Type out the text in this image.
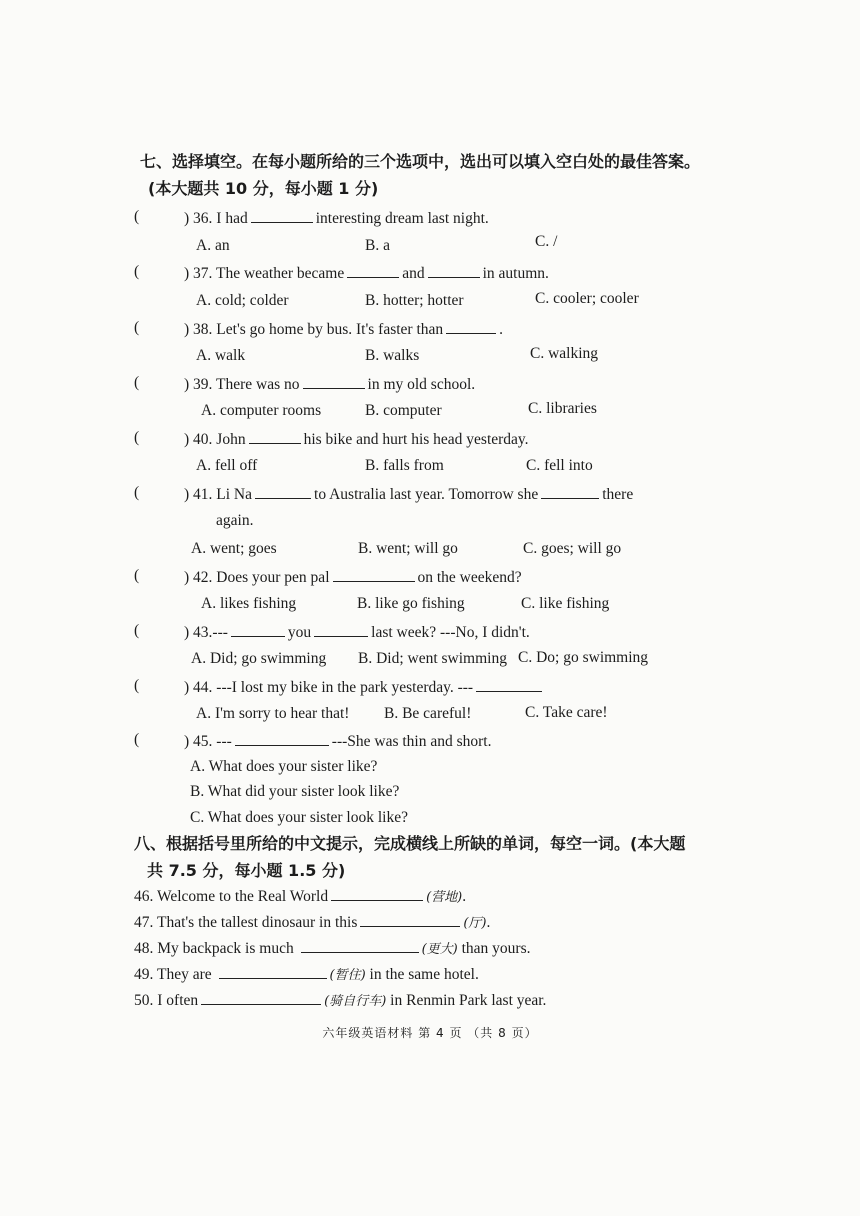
七、选择填空。在每小题所给的三个选项中，选出可以填入空白处的最佳答案。
(本大题共 10 分，每小题 1 分)
(	) 36. I had	interesting dream last night.
A. an	B. a	C. /
(	) 37. The weather became	and	in autumn.
A. cold; colder	B. hotter; hotter	C. cooler; cooler
(	) 38. Let's go home by bus. It's faster than	.
A. walk	B. walks	C. walking
(	) 39. There was no	in my old school.
A. computer rooms	B. computer	C. libraries
(	) 40. John	his bike and hurt his head yesterday.
A. fell off	B. falls from	C. fell into
(	) 41. Li Na	to Australia last year. Tomorrow she	there
again.
A. went; goes	B. went; will go	C. goes; will go
(	) 42. Does your pen pal	on the weekend?
A. likes fishing	B. like go fishing	C. like fishing
(	) 43.---	you	last week? ---No, I didn't.
A. Did; go swimming B. Did; went swimming C. Do; go swimming
(	) 44. ---I lost my bike in the park yesterday. ---
A. I'm sorry to hear that! B. Be careful!	C. Take care!
(	) 45. ---	---She was thin and short.
A. What does your sister like?
B. What did your sister look like?
C. What does your sister look like?
八、根据括号里所给的中文提示，完成横线上所缺的单词，每空一词。(本大题
共 7.5 分，每小题 1.5 分)
46. Welcome to the Real World	(营地).
47. That's the tallest dinosaur in this	(厅).
48. My backpack is much	(更大) than yours.
49. They are	(暂住) in the same hotel.
50. I often	(骑自行车) in Renmin Park last year.
六年级英语材料 第 4 页 （共 8 页）
